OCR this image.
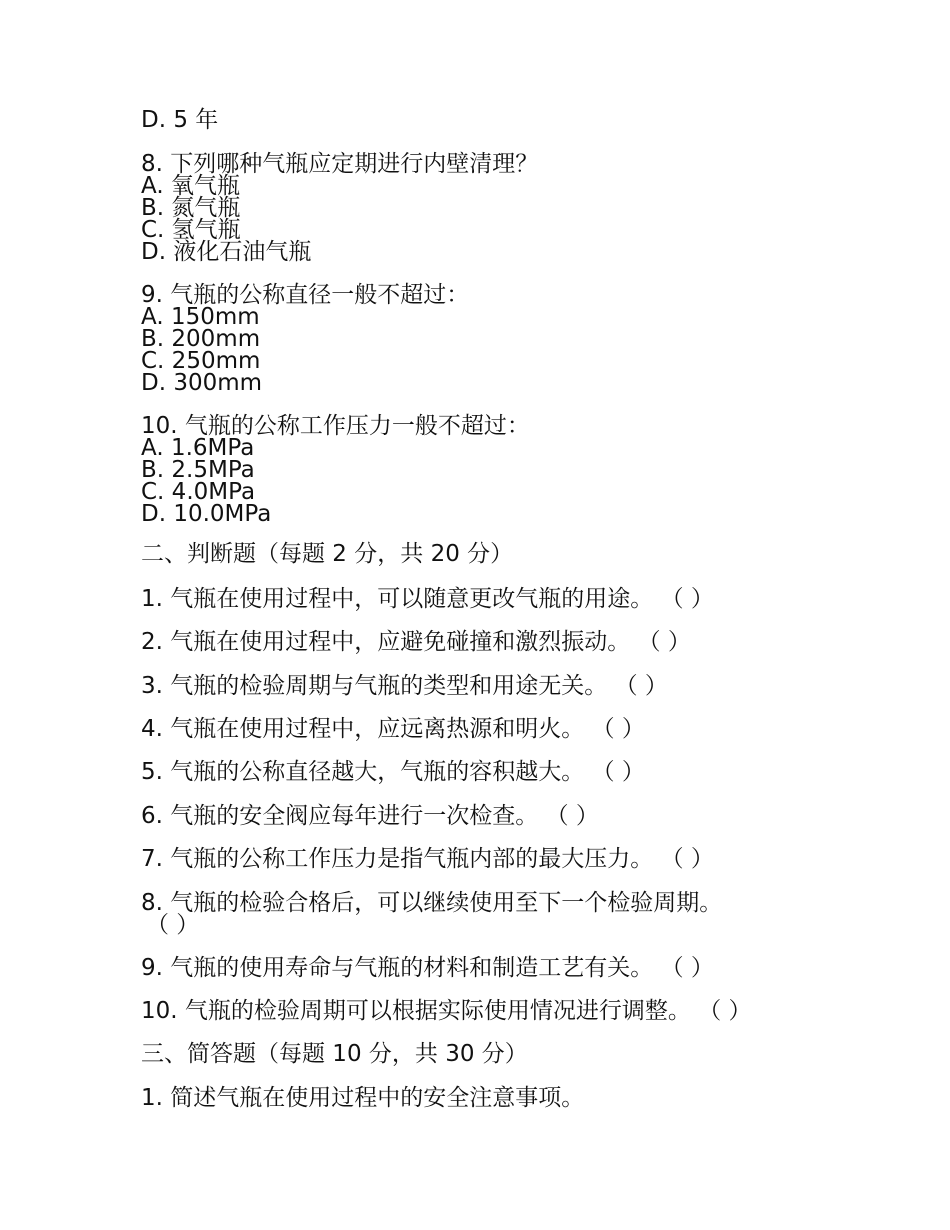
D. 5 年
8. 下列哪种气瓶应定期进行内壁清理？
A. 氧气瓶
B. 氮气瓶
C. 氢气瓶
D. 液化石油气瓶
9. 气瓶的公称直径一般不超过：
A. 150mm
B. 200mm
C. 250mm
D. 300mm
10. 气瓶的公称工作压力一般不超过：
A. 1.6MPa
B. 2.5MPa
C. 4.0MPa
D. 10.0MPa
二、判断题（每题 2 分，共 20 分）
1. 气瓶在使用过程中，可以随意更改气瓶的用途。 （ ）
2. 气瓶在使用过程中，应避免碰撞和激烈振动。 （ ）
3. 气瓶的检验周期与气瓶的类型和用途无关。 （ ）
4. 气瓶在使用过程中，应远离热源和明火。 （ ）
5. 气瓶的公称直径越大，气瓶的容积越大。 （ ）
6. 气瓶的安全阀应每年进行一次检查。 （ ）
7. 气瓶的公称工作压力是指气瓶内部的最大压力。 （ ）
8. 气瓶的检验合格后，可以继续使用至下一个检验周期。
（ ）
9. 气瓶的使用寿命与气瓶的材料和制造工艺有关。 （ ）
10. 气瓶的检验周期可以根据实际使用情况进行调整。 （ ）
三、简答题（每题 10 分，共 30 分）
1. 简述气瓶在使用过程中的安全注意事项。
